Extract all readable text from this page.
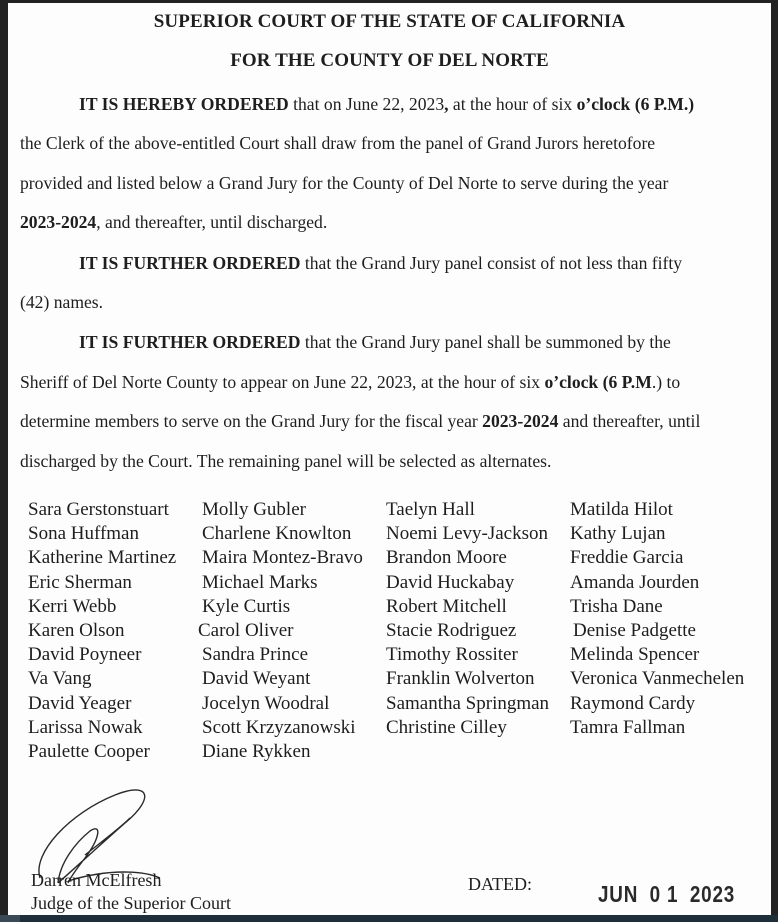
SUPERIOR COURT OF THE STATE OF CALIFORNIA
FOR THE COUNTY OF DEL NORTE
IT IS HEREBY ORDERED that on June 22, 2023, at the hour of six o’clock (6 P.M.)
the Clerk of the above-entitled Court shall draw from the panel of Grand Jurors heretofore
provided and listed below a Grand Jury for the County of Del Norte to serve during the year
2023-2024, and thereafter, until discharged.
IT IS FURTHER ORDERED that the Grand Jury panel consist of not less than fifty
(42) names.
IT IS FURTHER ORDERED that the Grand Jury panel shall be summoned by the
Sheriff of Del Norte County to appear on June 22, 2023, at the hour of six o’clock (6 P.M.) to
determine members to serve on the Grand Jury for the fiscal year 2023-2024 and thereafter, until
discharged by the Court. The remaining panel will be selected as alternates.
Sara Gerstonstuart
Sona Huffman
Katherine Martinez
Eric Sherman
Kerri Webb
Karen Olson
David Poyneer
Va Vang
David Yeager
Larissa Nowak
Paulette Cooper
Molly Gubler
Charlene Knowlton
Maira Montez-Bravo
Michael Marks
Kyle Curtis
Carol Oliver
Sandra Prince
David Weyant
Jocelyn Woodral
Scott Krzyzanowski
Diane Rykken
Taelyn Hall
Noemi Levy-Jackson
Brandon Moore
David Huckabay
Robert Mitchell
Stacie Rodriguez
Timothy Rossiter
Franklin Wolverton
Samantha Springman
Christine Cilley
Matilda Hilot
Kathy Lujan
Freddie Garcia
Amanda Jourden
Trisha Dane
Denise Padgette
Melinda Spencer
Veronica Vanmechelen
Raymond Cardy
Tamra Fallman
Darren McElfresh
Judge of the Superior Court
DATED:	JUN 0 1 2023
